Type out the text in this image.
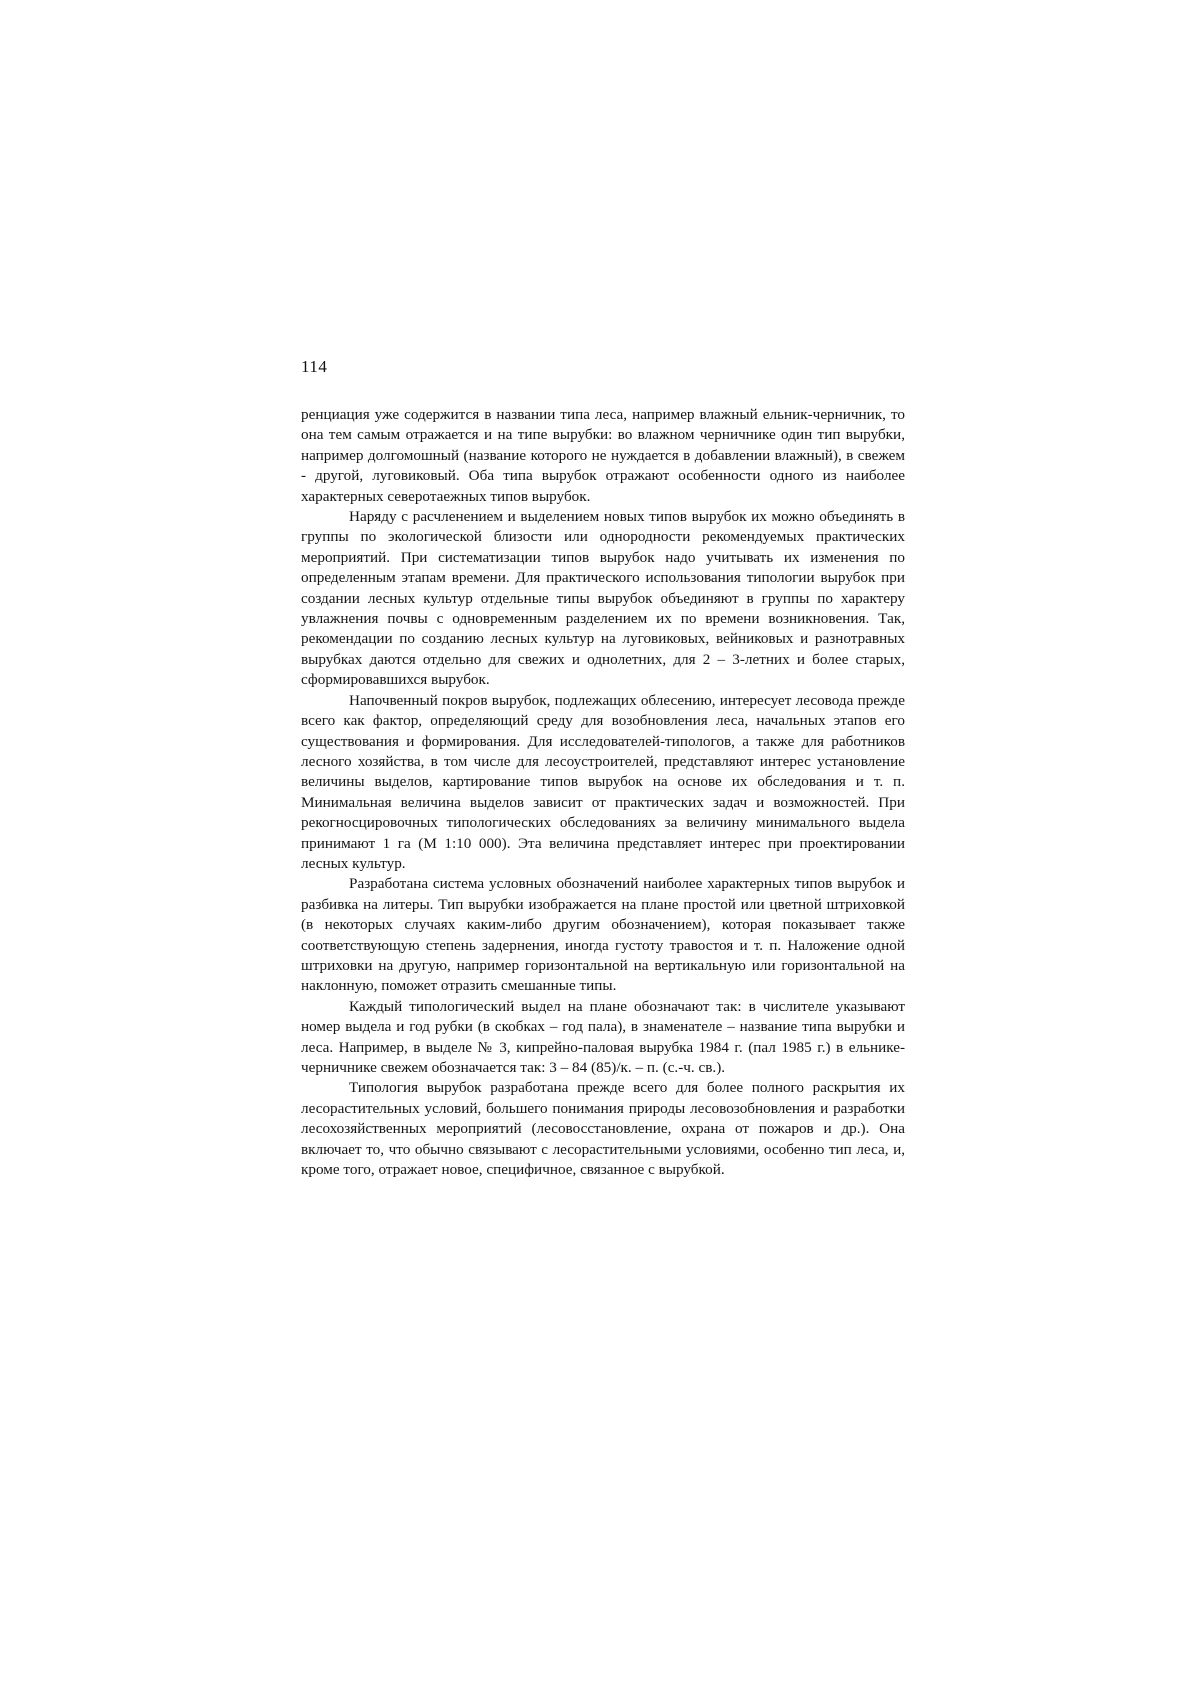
114

ренциация уже содержится в названии типа леса, например влажный ельник-черничник, то она тем самым отражается и на типе вырубки: во влажном черничнике один тип вырубки, например долгомошный (название которого не нуждается в добавлении влажный), в свежем - другой, луговиковый. Оба типа вырубок отражают особенности одного из наиболее характерных северотаежных типов вырубок.

Наряду с расчленением и выделением новых типов вырубок их можно объединять в группы по экологической близости или однородности рекомендуемых практических мероприятий. При систематизации типов вырубок надо учитывать их изменения по определенным этапам времени. Для практического использования типологии вырубок при создании лесных культур отдельные типы вырубок объединяют в группы по характеру увлажнения почвы с одновременным разделением их по времени возникновения. Так, рекомендации по созданию лесных культур на луговиковых, вейниковых и разнотравных вырубках даются отдельно для свежих и однолетних, для 2 – 3-летних и более старых, сформировавшихся вырубок.

Напочвенный покров вырубок, подлежащих облесению, интересует лесовода прежде всего как фактор, определяющий среду для возобновления леса, начальных этапов его существования и формирования. Для исследователей-типологов, а также для работников лесного хозяйства, в том числе для лесоустроителей, представляют интерес установление величины выделов, картирование типов вырубок на основе их обследования и т. п. Минимальная величина выделов зависит от практических задач и возможностей. При рекогносцировочных типологических обследованиях за величину минимального выдела принимают 1 га (М 1:10 000). Эта величина представляет интерес при проектировании лесных культур.

Разработана система условных обозначений наиболее характерных типов вырубок и разбивка на литеры. Тип вырубки изображается на плане простой или цветной штриховкой (в некоторых случаях каким-либо другим обозначением), которая показывает также соответствующую степень задернения, иногда густоту травостоя и т. п. Наложение одной штриховки на другую, например горизонтальной на вертикальную или горизонтальной на наклонную, поможет отразить смешанные типы.

Каждый типологический выдел на плане обозначают так: в числителе указывают номер выдела и год рубки (в скобках – год пала), в знаменателе – название типа вырубки и леса. Например, в выделе № 3, кипрейно-паловая вырубка 1984 г. (пал 1985 г.) в ельнике-черничнике свежем обозначается так: 3 – 84 (85)/к. – п. (с.-ч. св.).

Типология вырубок разработана прежде всего для более полного раскрытия их лесорастительных условий, большего понимания природы лесовозобновления и разработки лесохозяйственных мероприятий (лесовосстановление, охрана от пожаров и др.). Она включает то, что обычно связывают с лесорастительными условиями, особенно тип леса, и, кроме того, отражает новое, специфичное, связанное с вырубкой.
